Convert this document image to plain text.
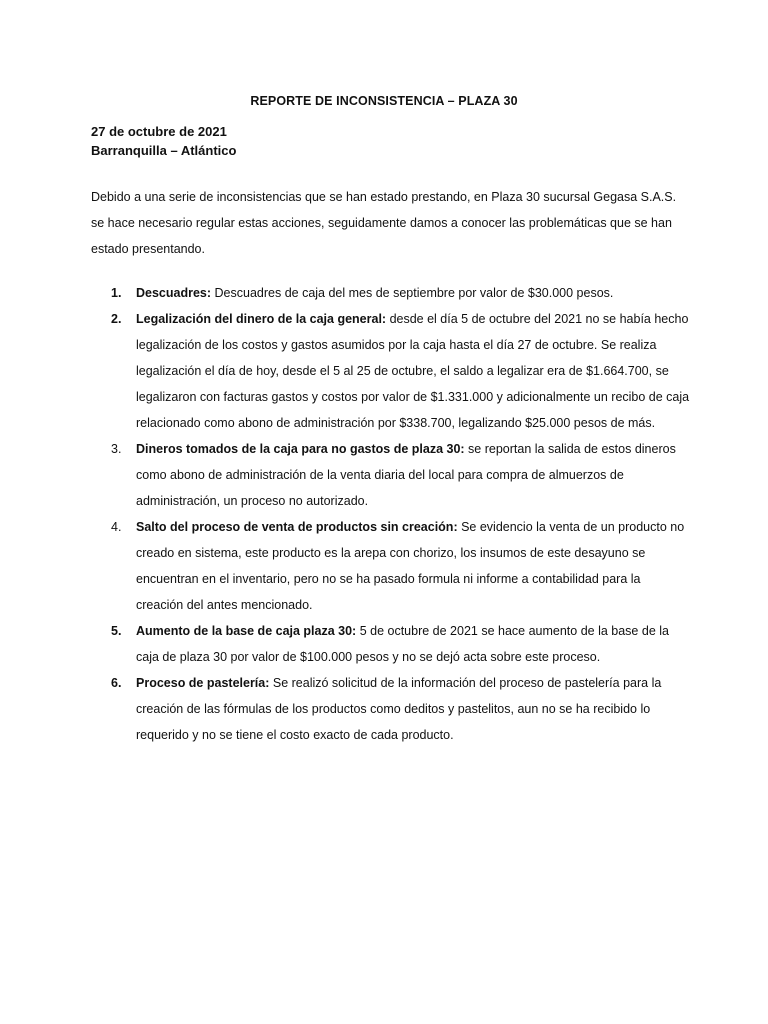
REPORTE DE INCONSISTENCIA – PLAZA 30
27 de octubre de 2021
Barranquilla – Atlántico

Debido a una serie de inconsistencias que se han estado prestando, en Plaza 30 sucursal Gegasa S.A.S. se hace necesario regular estas acciones, seguidamente damos a conocer las problemáticas que se han estado presentando.

1. Descuadres: Descuadres de caja del mes de septiembre por valor de $30.000 pesos.
2. Legalización del dinero de la caja general: desde el día 5 de octubre del 2021 no se había hecho legalización de los costos y gastos asumidos por la caja hasta el día 27 de octubre. Se realiza legalización el día de hoy, desde el 5 al 25 de octubre, el saldo a legalizar era de $1.664.700, se legalizaron con facturas gastos y costos por valor de $1.331.000 y adicionalmente un recibo de caja relacionado como abono de administración por $338.700, legalizando $25.000 pesos de más.
3. Dineros tomados de la caja para no gastos de plaza 30: se reportan la salida de estos dineros como abono de administración de la venta diaria del local para compra de almuerzos de administración, un proceso no autorizado.
4. Salto del proceso de venta de productos sin creación: Se evidencio la venta de un producto no creado en sistema, este producto es la arepa con chorizo, los insumos de este desayuno se encuentran en el inventario, pero no se ha pasado formula ni informe a contabilidad para la creación del antes mencionado.
5. Aumento de la base de caja plaza 30: 5 de octubre de 2021 se hace aumento de la base de la caja de plaza 30 por valor de $100.000 pesos y no se dejó acta sobre este proceso.
6. Proceso de pastelería: Se realizó solicitud de la información del proceso de pastelería para la creación de las fórmulas de los productos como deditos y pastelitos, aun no se ha recibido lo requerido y no se tiene el costo exacto de cada producto.
